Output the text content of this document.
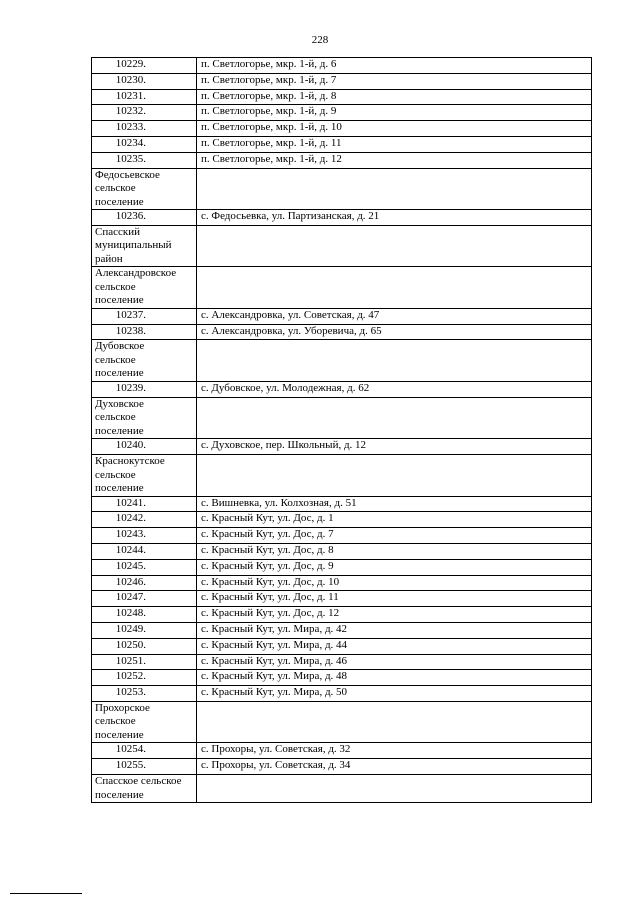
228
10229.	п. Светлогорье, мкр. 1-й, д. 6
10230.	п. Светлогорье, мкр. 1-й, д. 7
10231.	п. Светлогорье, мкр. 1-й, д. 8
10232.	п. Светлогорье, мкр. 1-й, д. 9
10233.	п. Светлогорье, мкр. 1-й, д. 10
10234.	п. Светлогорье, мкр. 1-й, д. 11
10235.	п. Светлогорье, мкр. 1-й, д. 12

Федосьевское
сельское
поселение	

10236.	с. Федосьевка, ул. Партизанская, д. 21

Спасский
муниципальный
район	

Александровское
сельское
поселение	

10237.	с. Александровка, ул. Советская, д. 47
10238.	с. Александровка, ул. Уборевича, д. 65

Дубовское
сельское
поселение	

10239.	с. Дубовское, ул. Молодежная, д. 62

Духовское
сельское
поселение	

10240.	с. Духовское, пер. Школьный, д. 12

Краснокутское
сельское
поселение	

10241.	с. Вишневка, ул. Колхозная, д. 51
10242.	с. Красный Кут, ул. Дос, д. 1
10243.	с. Красный Кут, ул. Дос, д. 7
10244.	с. Красный Кут, ул. Дос, д. 8
10245.	с. Красный Кут, ул. Дос, д. 9
10246.	с. Красный Кут, ул. Дос, д. 10
10247.	с. Красный Кут, ул. Дос, д. 11
10248.	с. Красный Кут, ул. Дос, д. 12
10249.	с. Красный Кут, ул. Мира, д. 42
10250.	с. Красный Кут, ул. Мира, д. 44
10251.	с. Красный Кут, ул. Мира, д. 46
10252.	с. Красный Кут, ул. Мира, д. 48
10253.	с. Красный Кут, ул. Мира, д. 50

Прохорское
сельское
поселение	

10254.	с. Прохоры, ул. Советская, д. 32
10255.	с. Прохоры, ул. Советская, д. 34

Спасское сельское
поселение	
